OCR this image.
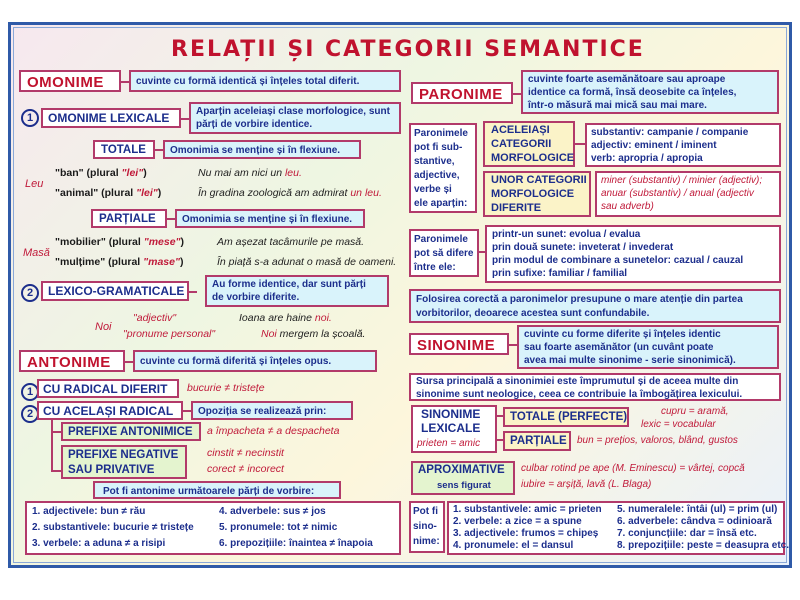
RELAȚII ȘI CATEGORII SEMANTICE
OMONIME	cuvinte cu formă identică și înțeles total diferit.
1	OMONIME LEXICALE	Aparțin aceleiași clase morfologice, sunt
părți de vorbire identice.
TOTALE Omonimia se menține și în flexiune.
Leu
"ban" (plural "lei")	Nu mai am nici un leu.
"animal" (plural "lei")	În gradina zoologică am admirat un leu.
PARȚIALE	Omonimia se menține și în flexiune.
Masă
"mobilier" (plural "mese")	Am așezat tacâmurile pe masă.
"mulțime" (plural "mase")	În piață s-a adunat o masă de oameni.
2	LEXICO-GRAMATICALE	Au forme identice, dar sunt părți
de vorbire diferite.
Noi
"adjectiv"	Ioana are haine noi.
"pronume personal"	Noi mergem la școală.
ANTONIME	cuvinte cu formă diferită și înțeles opus.
1 CU RADICAL DIFERIT bucurie ≠ tristețe
2 CU ACELAȘI RADICAL Opoziția se realizează prin:
PREFIXE ANTONIMICE a împacheta ≠ a despacheta
PREFIXE NEGATIVE
SAU PRIVATIVE
cinstit ≠ necinstit
corect ≠ incorect
Pot fi antonime următoarele părți de vorbire:
1. adjectivele: bun ≠ rău
2. substantivele: bucurie ≠ tristețe
3. verbele: a aduna ≠ a risipi
4. adverbele: sus ≠ jos
5. pronumele: tot ≠ nimic
6. prepozițiile: înaintea ≠ înapoia
PARONIME
cuvinte foarte asemănătoare sau aproape
identice ca formă, însă deosebite ca înțeles,
într-o măsură mai mică sau mai mare.
Paronimele
pot fi sub-
stantive,
adjective,
verbe și
ele aparțin:
ACELEIAȘI
CATEGORII
MORFOLOGICE
substantiv: campanie / companie
adjectiv: eminent / iminent
verb: apropria / apropia
UNOR CATEGORII
MORFOLOGICE
DIFERITE
miner (substantiv) / minier (adjectiv);
anuar (substantiv) / anual (adjectiv
sau adverb)
Paronimele
pot să difere
între ele:
printr-un sunet: evolua / evalua
prin două sunete: inveterat / invederat
prin modul de combinare a sunetelor: cazual / cauzal
prin sufixe: familiar / familial
Folosirea corectă a paronimelor presupune o mare atenție din partea
vorbitorilor, deoarece acestea sunt confundabile.
SINONIME
cuvinte cu forme diferite și înțeles identic
sau foarte asemănător (un cuvânt poate
avea mai multe sinonime - serie sinonimică).
Sursa principală a sinonimiei este împrumutul și de aceea multe din
sinonime sunt neologice, ceea ce contribuie la îmbogățirea lexicului.
SINONIME
LEXICALE
prieten = amic
TOTALE (PERFECTE)	cupru = aramă,
lexic = vocabular
PARȚIALE bun = prețios, valoros, blând, gustos
APROXIMATIVE
sens figurat
culbar rotind pe ape (M. Eminescu) = vârtej, copcă
iubire = arșiță, lavă (L. Blaga)
Pot fi
sino-
nime:
1. substantivele: amic = prieten
2. verbele: a zice = a spune
3. adjectivele: frumos = chipeș
4. pronumele: el = dansul
5. numeralele: întâi (ul) = prim (ul)
6. adverbele: cândva = odinioară
7. conjuncțiile: dar = însă etc.
8. prepozițiile: peste = deasupra etc.
